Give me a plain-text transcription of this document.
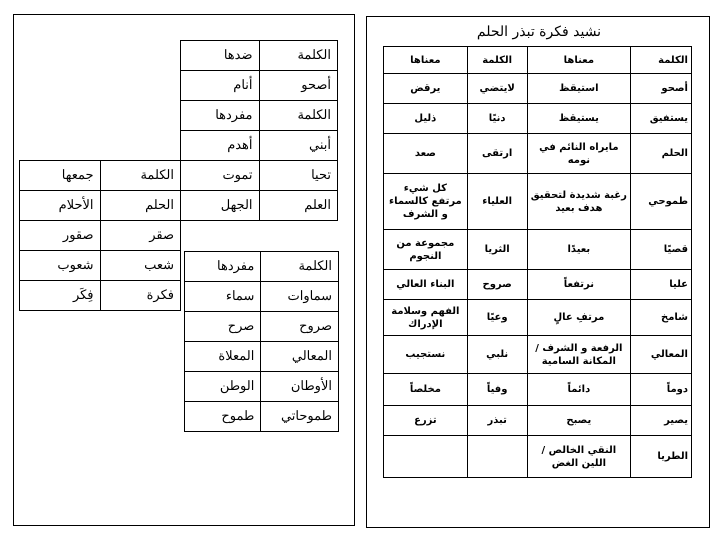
الكلمة	ضدها
أصحو	أنام
الكلمة	مفردها
أبني	أهدم
تحيا	تموت
العلم	الجهل
الكلمة	جمعها
الحلم	الأحلام
صقر	صقور
شعب	شعوب
فكرة	فِكَر
الكلمة	مفردها
سماوات	سماء
صروح	صرح
المعالي	المعلاة
الأوطان	الوطن
طموحاتي	طموح
نشيد فكرة تبذر الحلم
الكلمة	معناها	الكلمة	معناها
أصحو	استيقظ	لايتضي	يرقض
يستفيق	يستيقظ	دنيًا	ذليل
الحلم	مايراه النائم في نومه	ارتقى	صعد
طموحي	رغبة شديدة لتحقيق هدف بعيد	العلياء	كل شيء مرتفع كالسماء و الشرف
قصيًا	بعيدًا	الثريا	مجموعة من النجوم
عليا	نرتفعاً	صروح	البناء العالي
شامخ	مرتفِ عالٍ	وعيًا	الفهم وسلامة الإدراك
المعالي	الرفعة و الشرف / المكانة السامية	نلبي	نستجيب
دوماً	دائماً	وفياً	مخلصاً
يصير	يصبح	تبذر	تزرع
الطريا	النقي الخالص / اللين الغض		
